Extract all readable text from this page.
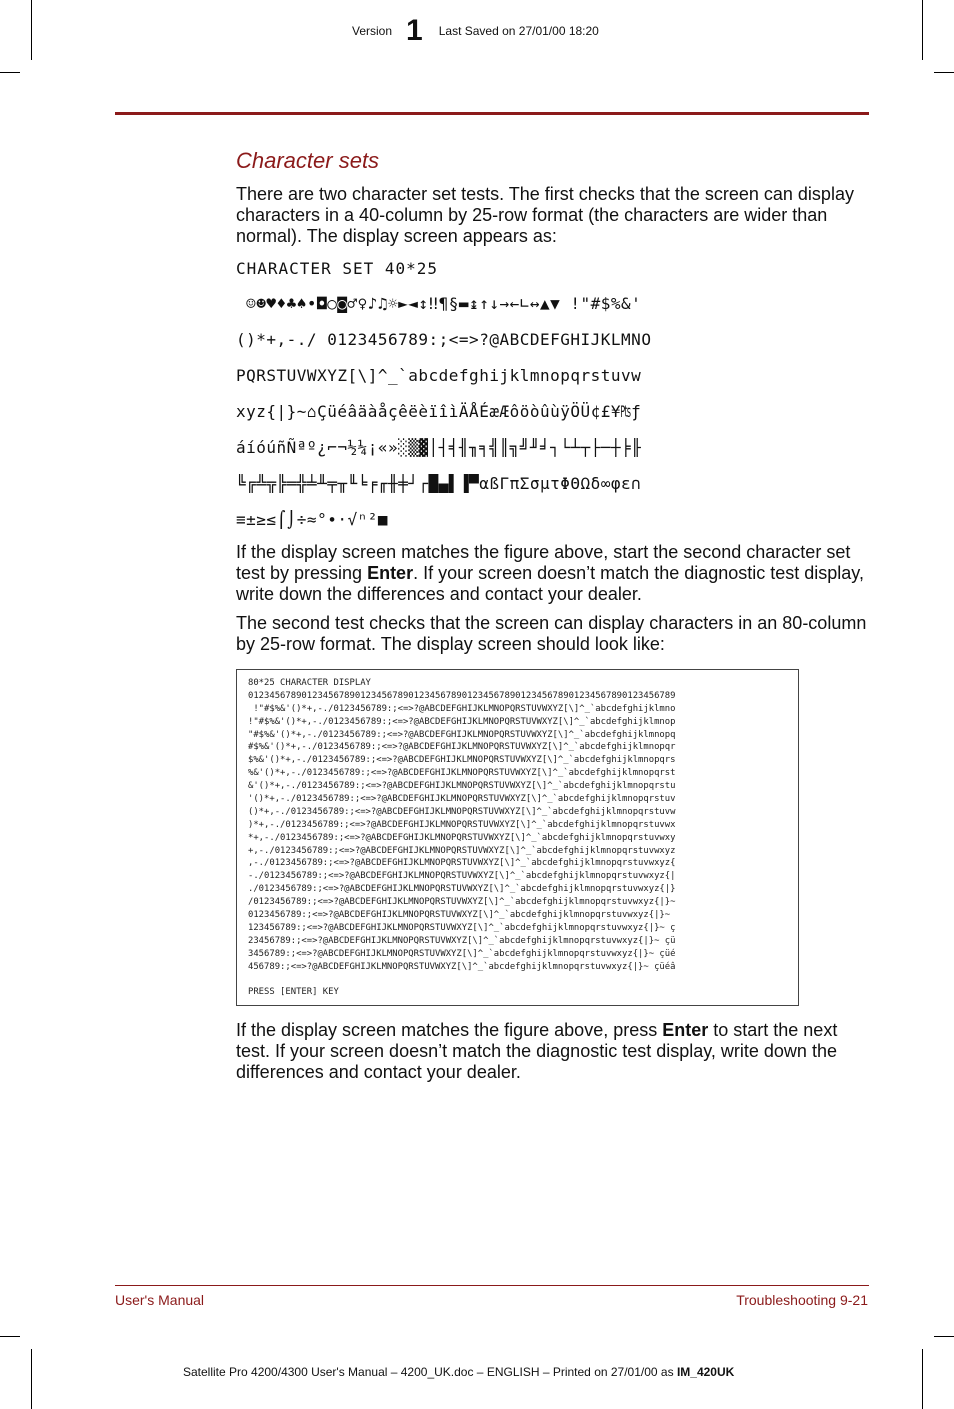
Version 1 Last Saved on 27/01/00 18:20
Character sets

There are two character set tests. The first checks that the screen can display characters in a 40-column by 25-row format (the characters are wider than normal). The display screen appears as:

CHARACTER SET 40*25
☺☻♥♦♣♠•◘○◙♂♀♪♫☼►◄↕‼¶§▬↨↑↓→←∟↔▲▼ !"#$%&'
()*+,-./ 0123456789:;<=>?@ABCDEFGHIJKLMNO
PQRSTUVWXYZ[\]^_`abcdefghijklmnopqrstuvw
xyz{|}~⌂ÇüéâäàåçêëèïîìÄÅÉæÆôöòûùÿÖÜ¢£¥₧ƒ
áíóúñÑªº¿⌐¬½¼¡«»░▒▓│┤╡╢╖╕╣║╗╝╜╛┐└┴┬├─┼╞╟
╚╔╩╦╠═╬╧╨╤╥╙╘╒╓╫╪┘┌█▄▌▐▀αßΓπΣσµτΦΘΩδ∞φε∩
≡±≥≤⌠⌡÷≈°∙·√ⁿ²■

If the display screen matches the figure above, start the second character set test by pressing Enter. If your screen doesn’t match the diagnostic test display, write down the differences and contact your dealer.

The second test checks that the screen can display characters in an 80-column by 25-row format. The display screen should look like:

80*25 CHARACTER DISPLAY
01234567890123456789012345678901234567890123456789012345678901234567890123456789
!"#$%&'()*+,-./0123456789:;<=>?@ABCDEFGHIJKLMNOPQRSTUVWXYZ[\]^_`abcdefghijklmno
!"#$%&'()*+,-./0123456789:;<=>?@ABCDEFGHIJKLMNOPQRSTUVWXYZ[\]^_`abcdefghijklmnop
"#$%&'()*+,-./0123456789:;<=>?@ABCDEFGHIJKLMNOPQRSTUVWXYZ[\]^_`abcdefghijklmnopq
#$%&'()*+,-./0123456789:;<=>?@ABCDEFGHIJKLMNOPQRSTUVWXYZ[\]^_`abcdefghijklmnopqr
$%&'()*+,-./0123456789:;<=>?@ABCDEFGHIJKLMNOPQRSTUVWXYZ[\]^_`abcdefghijklmnopqrs
%&'()*+,-./0123456789:;<=>?@ABCDEFGHIJKLMNOPQRSTUVWXYZ[\]^_`abcdefghijklmnopqrst
&'()*+,-./0123456789:;<=>?@ABCDEFGHIJKLMNOPQRSTUVWXYZ[\]^_`abcdefghijklmnopqrstu
'()*+,-./0123456789:;<=>?@ABCDEFGHIJKLMNOPQRSTUVWXYZ[\]^_`abcdefghijklmnopqrstuv
()*+,-./0123456789:;<=>?@ABCDEFGHIJKLMNOPQRSTUVWXYZ[\]^_`abcdefghijklmnopqrstuvw
)*+,-./0123456789:;<=>?@ABCDEFGHIJKLMNOPQRSTUVWXYZ[\]^_`abcdefghijklmnopqrstuvwx
*+,-./0123456789:;<=>?@ABCDEFGHIJKLMNOPQRSTUVWXYZ[\]^_`abcdefghijklmnopqrstuvwxy
+,-./0123456789:;<=>?@ABCDEFGHIJKLMNOPQRSTUVWXYZ[\]^_`abcdefghijklmnopqrstuvwxyz
,-./0123456789:;<=>?@ABCDEFGHIJKLMNOPQRSTUVWXYZ[\]^_`abcdefghijklmnopqrstuvwxyz{
-./0123456789:;<=>?@ABCDEFGHIJKLMNOPQRSTUVWXYZ[\]^_`abcdefghijklmnopqrstuvwxyz{|
./0123456789:;<=>?@ABCDEFGHIJKLMNOPQRSTUVWXYZ[\]^_`abcdefghijklmnopqrstuvwxyz{|}
/0123456789:;<=>?@ABCDEFGHIJKLMNOPQRSTUVWXYZ[\]^_`abcdefghijklmnopqrstuvwxyz{|}~
0123456789:;<=>?@ABCDEFGHIJKLMNOPQRSTUVWXYZ[\]^_`abcdefghijklmnopqrstuvwxyz{|}~
123456789:;<=>?@ABCDEFGHIJKLMNOPQRSTUVWXYZ[\]^_`abcdefghijklmnopqrstuvwxyz{|}~ ç
23456789:;<=>?@ABCDEFGHIJKLMNOPQRSTUVWXYZ[\]^_`abcdefghijklmnopqrstuvwxyz{|}~ çü
3456789:;<=>?@ABCDEFGHIJKLMNOPQRSTUVWXYZ[\]^_`abcdefghijklmnopqrstuvwxyz{|}~ çüé
456789:;<=>?@ABCDEFGHIJKLMNOPQRSTUVWXYZ[\]^_`abcdefghijklmnopqrstuvwxyz{|}~ çüéâ
PRESS [ENTER] KEY

If the display screen matches the figure above, press Enter to start the next test. If your screen doesn’t match the diagnostic test display, write down the differences and contact your dealer.

User's Manual	Troubleshooting 9-21
Satellite Pro 4200/4300 User's Manual – 4200_UK.doc – ENGLISH – Printed on 27/01/00 as IM_420UK
